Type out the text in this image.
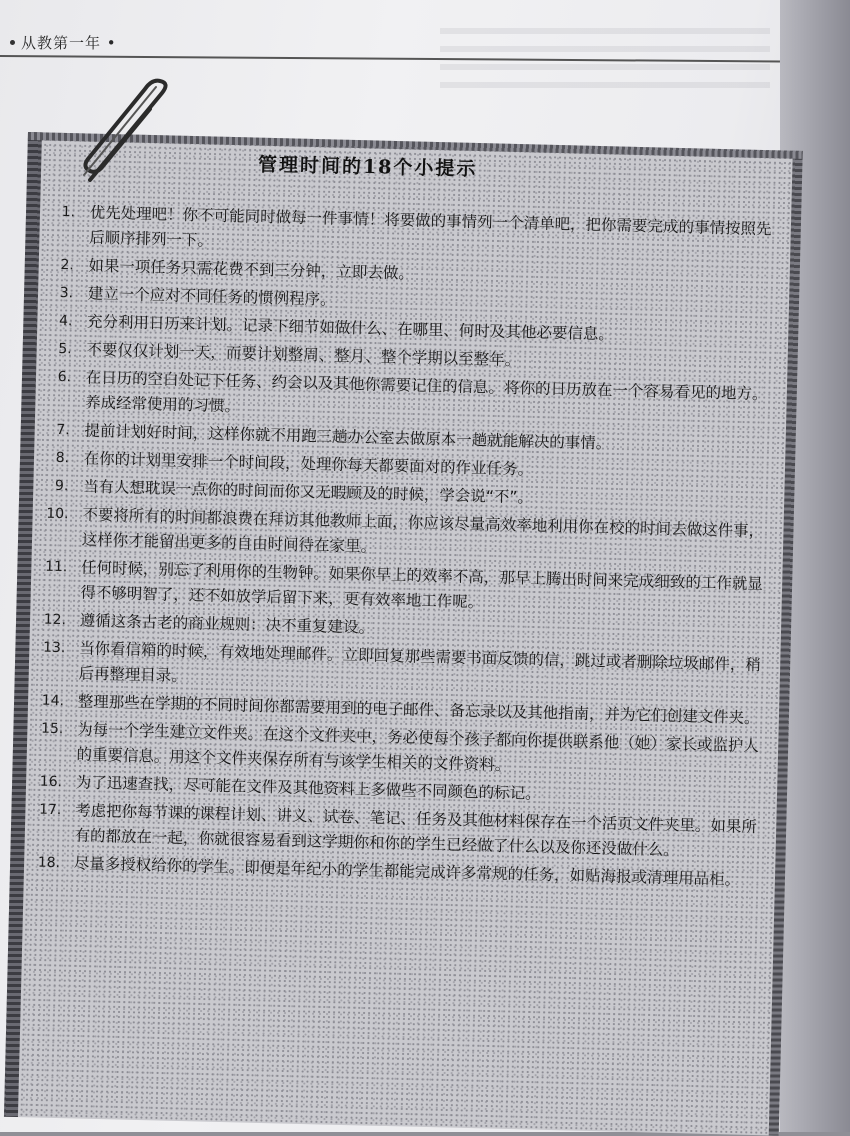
从教第一年 •
管理时间的18个小提示
1. 优先处理吧！你不可能同时做每一件事情！将要做的事情列一个清单吧，把你需要完成的事情按照先后顺序排列一下。
2. 如果一项任务只需花费不到三分钟，立即去做。
3. 建立一个应对不同任务的惯例程序。
4. 充分利用日历来计划。记录下细节如做什么、在哪里、何时及其他必要信息。
5. 不要仅仅计划一天，而要计划整周、整月、整个学期以至整年。
6. 在日历的空白处记下任务、约会以及其他你需要记住的信息。将你的日历放在一个容易看见的地方。养成经常使用的习惯。
7. 提前计划好时间，这样你就不用跑三趟办公室去做原本一趟就能解决的事情。
8. 在你的计划里安排一个时间段，处理你每天都要面对的作业任务。
9. 当有人想耽误一点你的时间而你又无暇顾及的时候，学会说“不”。
10. 不要将所有的时间都浪费在拜访其他教师上面，你应该尽量高效率地利用你在校的时间去做这件事，这样你才能留出更多的自由时间待在家里。
11. 任何时候，别忘了利用你的生物钟。如果你早上的效率不高，那早上腾出时间来完成细致的工作就显得不够明智了，还不如放学后留下来，更有效率地工作呢。
12. 遵循这条古老的商业规则：决不重复建设。
13. 当你看信箱的时候，有效地处理邮件。立即回复那些需要书面反馈的信，跳过或者删除垃圾邮件，稍后再整理目录。
14. 整理那些在学期的不同时间你都需要用到的电子邮件、备忘录以及其他指南，并为它们创建文件夹。
15. 为每一个学生建立文件夹。在这个文件夹中，务必使每个孩子都向你提供联系他（她）家长或监护人的重要信息。用这个文件夹保存所有与该学生相关的文件资料。
16. 为了迅速查找，尽可能在文件及其他资料上多做些不同颜色的标记。
17. 考虑把你每节课的课程计划、讲义、试卷、笔记、任务及其他材料保存在一个活页文件夹里。如果所有的都放在一起，你就很容易看到这学期你和你的学生已经做了什么以及你还没做什么。
18. 尽量多授权给你的学生。即便是年纪小的学生都能完成许多常规的任务，如贴海报或清理用品柜。
